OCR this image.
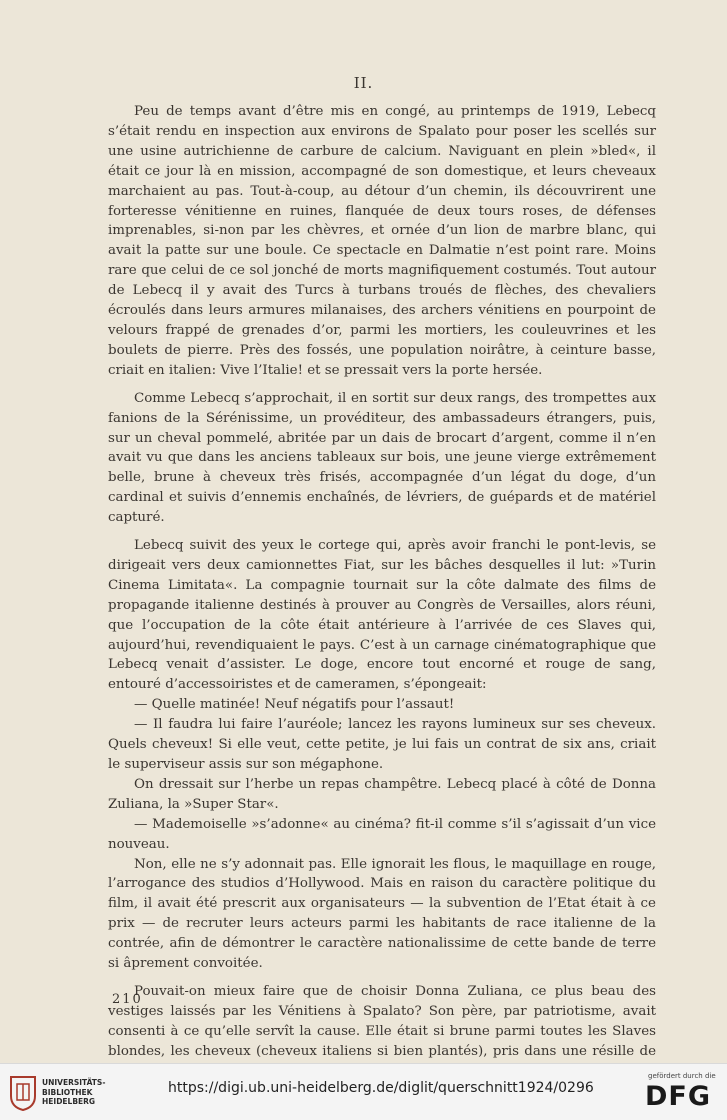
II.

Peu de temps avant d’être mis en congé, au printemps de 1919, Lebecq s’était rendu en inspection aux environs de Spalato pour poser les scellés sur une usine autrichienne de carbure de calcium. Naviguant en plein »bled«, il était ce jour là en mission, accompagné de son domestique, et leurs cheveaux marchaient au pas. Tout-à-coup, au détour d’un chemin, ils découvrirent une forteresse vénitienne en ruines, flanquée de deux tours roses, de défenses imprenables, si-non par les chèvres, et ornée d’un lion de marbre blanc, qui avait la patte sur une boule. Ce spectacle en Dalmatie n’est point rare. Moins rare que celui de ce sol jonché de morts magnifiquement costumés. Tout autour de Lebecq il y avait des Turcs à turbans troués de flèches, des chevaliers écroulés dans leurs armures milanaises, des archers vénitiens en pourpoint de velours frappé de grenades d’or, parmi les mortiers, les couleuvrines et les boulets de pierre. Près des fossés, une population noirâtre, à ceinture basse, criait en italien: Vive l’Italie! et se pressait vers la porte hersée.

Comme Lebecq s’approchait, il en sortit sur deux rangs, des trompettes aux fanions de la Sérénissime, un provéditeur, des ambassadeurs étrangers, puis, sur un cheval pommelé, abritée par un dais de brocart d’argent, comme il n’en avait vu que dans les anciens tableaux sur bois, une jeune vierge extrêmement belle, brune à cheveux très frisés, accompagnée d’un légat du doge, d’un cardinal et suivis d’ennemis enchaînés, de lévriers, de guépards et de matériel capturé.

Lebecq suivit des yeux le cortege qui, après avoir franchi le pont-levis, se dirigeait vers deux camionnettes Fiat, sur les bâches desquelles il lut: »Turin Cinema Limitata«. La compagnie tournait sur la côte dalmate des films de propagande italienne destinés à prouver au Congrès de Versailles, alors réuni, que l’occupation de la côte était antérieure à l’arrivée de ces Slaves qui, aujourd’hui, revendiquaient le pays. C’est à un carnage cinématographique que Lebecq venait d’assister. Le doge, encore tout encorné et rouge de sang, entouré d’accessoiristes et de cameramen, s’épongeait:

— Quelle matinée! Neuf négatifs pour l’assaut!

— Il faudra lui faire l’auréole; lancez les rayons lumineux sur ses cheveux. Quels cheveux! Si elle veut, cette petite, je lui fais un contrat de six ans, criait le superviseur assis sur son mégaphone.

On dressait sur l’herbe un repas champêtre. Lebecq placé à côté de Donna Zuliana, la »Super Star«.

— Mademoiselle »s’adonne« au cinéma? fit-il comme s’il s’agissait d’un vice nouveau.

Non, elle ne s’y adonnait pas. Elle ignorait les flous, le maquillage en rouge, l’arrogance des studios d’Hollywood. Mais en raison du caractère politique du film, il avait été prescrit aux organisateurs — la subvention de l’Etat était à ce prix — de recruter leurs acteurs parmi les habitants de race italienne de la contrée, afin de démontrer le caractère nationalissime de cette bande de terre si âprement convoitée.

Pouvait-on mieux faire que de choisir Donna Zuliana, ce plus beau des vestiges laissés par les Vénitiens à Spalato? Son père, par patriotisme, avait consenti à ce qu’elle servît la cause. Elle était si brune parmi toutes les Slaves blondes, les cheveux (cheveux italiens si bien plantés), pris dans une résille de

210
UNIVERSITÄTS-
BIBLIOTHEK
HEIDELBERG
https://digi.ub.uni-heidelberg.de/diglit/querschnitt1924/0296
gefördert durch die
DFG
